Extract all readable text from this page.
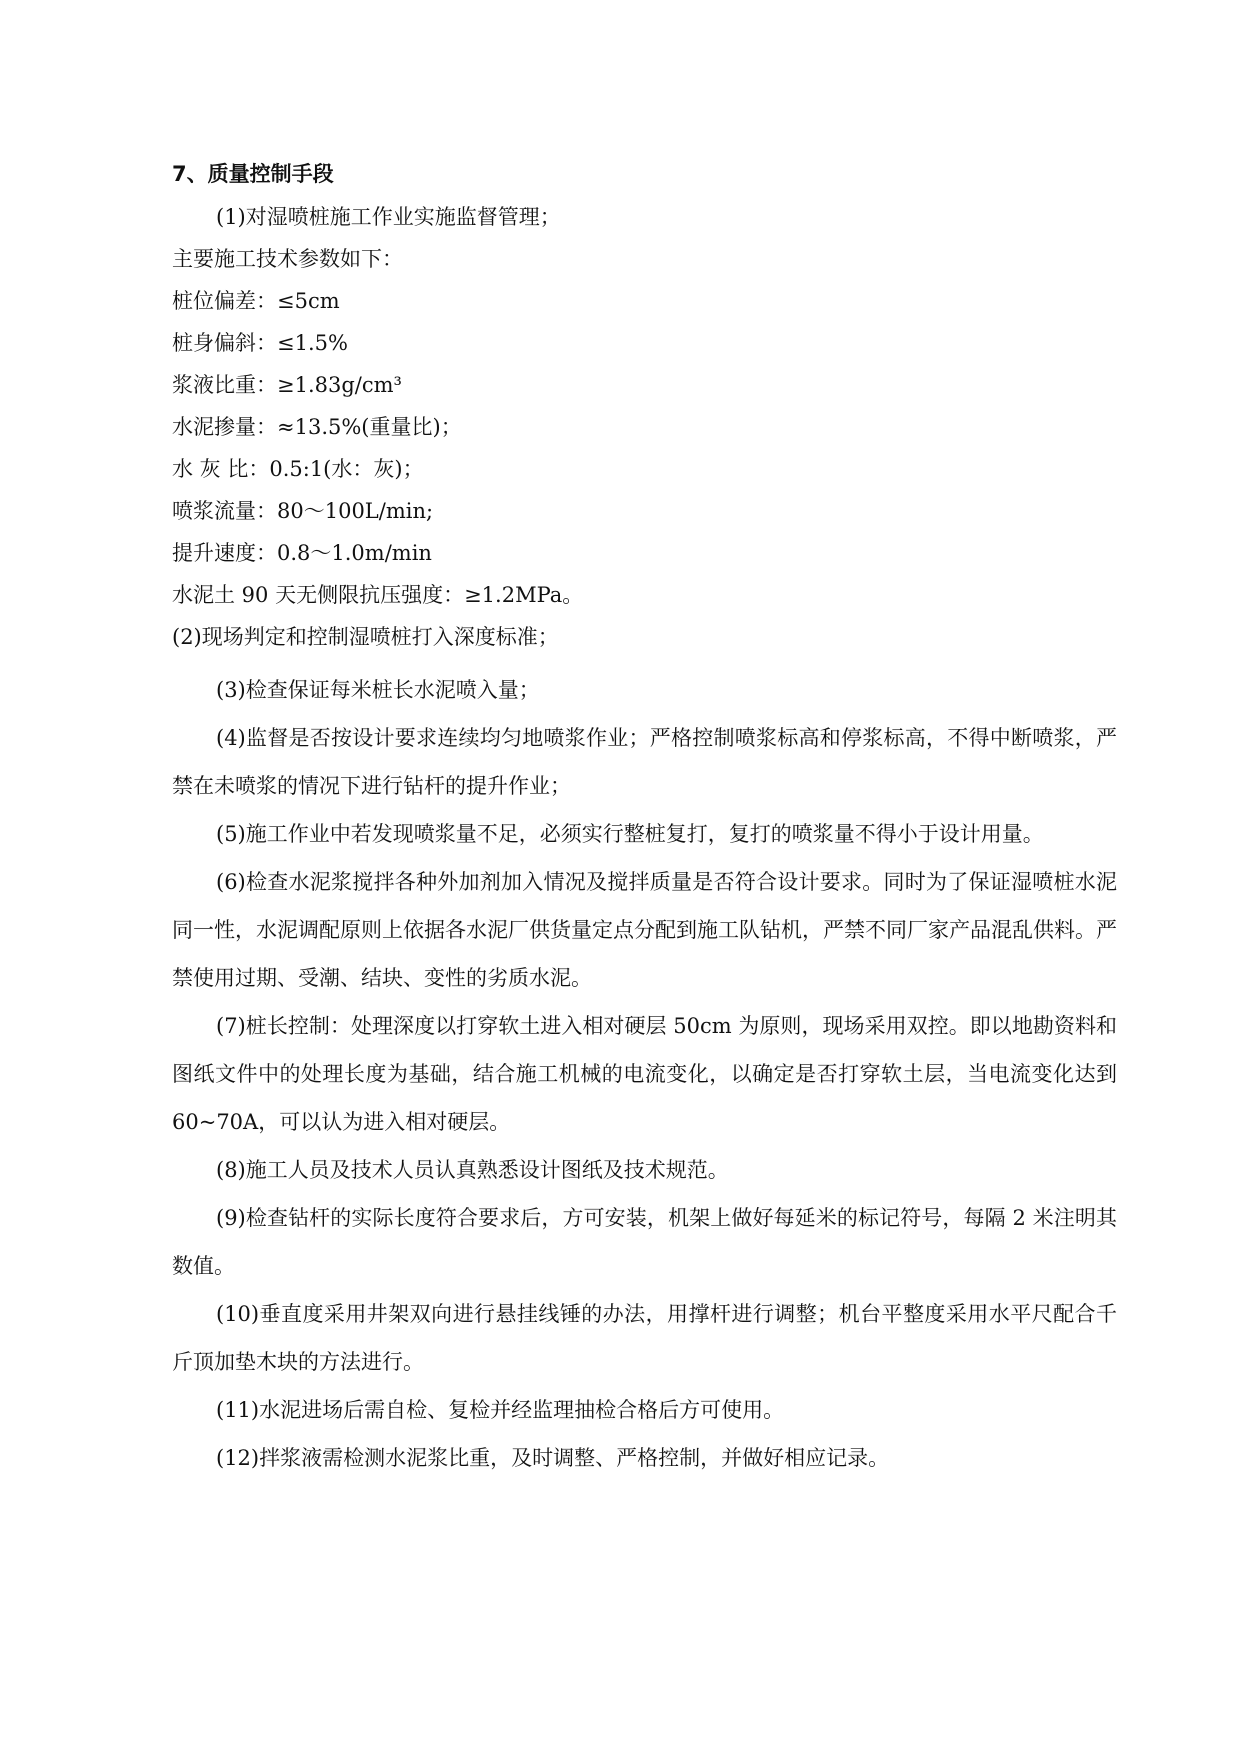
7、质量控制手段
(1)对湿喷桩施工作业实施监督管理；
主要施工技术参数如下：
桩位偏差：≤5cm
桩身偏斜：≤1.5%
浆液比重：≥1.83g/cm³
水泥掺量：≈13.5%(重量比)；
水 灰 比：0.5:1(水：灰)；
喷浆流量：80～100L/min;
提升速度：0.8～1.0m/min
水泥土 90 天无侧限抗压强度：≥1.2MPa。
(2)现场判定和控制湿喷桩打入深度标准；

(3)检查保证每米桩长水泥喷入量；

(4)监督是否按设计要求连续均匀地喷浆作业；严格控制喷浆标高和停浆标高，不得中断喷浆，严禁在未喷浆的情况下进行钻杆的提升作业；

(5)施工作业中若发现喷浆量不足，必须实行整桩复打，复打的喷浆量不得小于设计用量。

(6)检查水泥浆搅拌各种外加剂加入情况及搅拌质量是否符合设计要求。同时为了保证湿喷桩水泥同一性，水泥调配原则上依据各水泥厂供货量定点分配到施工队钻机，严禁不同厂家产品混乱供料。严禁使用过期、受潮、结块、变性的劣质水泥。

(7)桩长控制：处理深度以打穿软土进入相对硬层 50cm 为原则，现场采用双控。即以地勘资料和图纸文件中的处理长度为基础，结合施工机械的电流变化，以确定是否打穿软土层，当电流变化达到 60~70A，可以认为进入相对硬层。

(8)施工人员及技术人员认真熟悉设计图纸及技术规范。

(9)检查钻杆的实际长度符合要求后，方可安装，机架上做好每延米的标记符号，每隔 2 米注明其数值。

(10)垂直度采用井架双向进行悬挂线锤的办法，用撑杆进行调整；机台平整度采用水平尺配合千斤顶加垫木块的方法进行。

(11)水泥进场后需自检、复检并经监理抽检合格后方可使用。

(12)拌浆液需检测水泥浆比重，及时调整、严格控制，并做好相应记录。
